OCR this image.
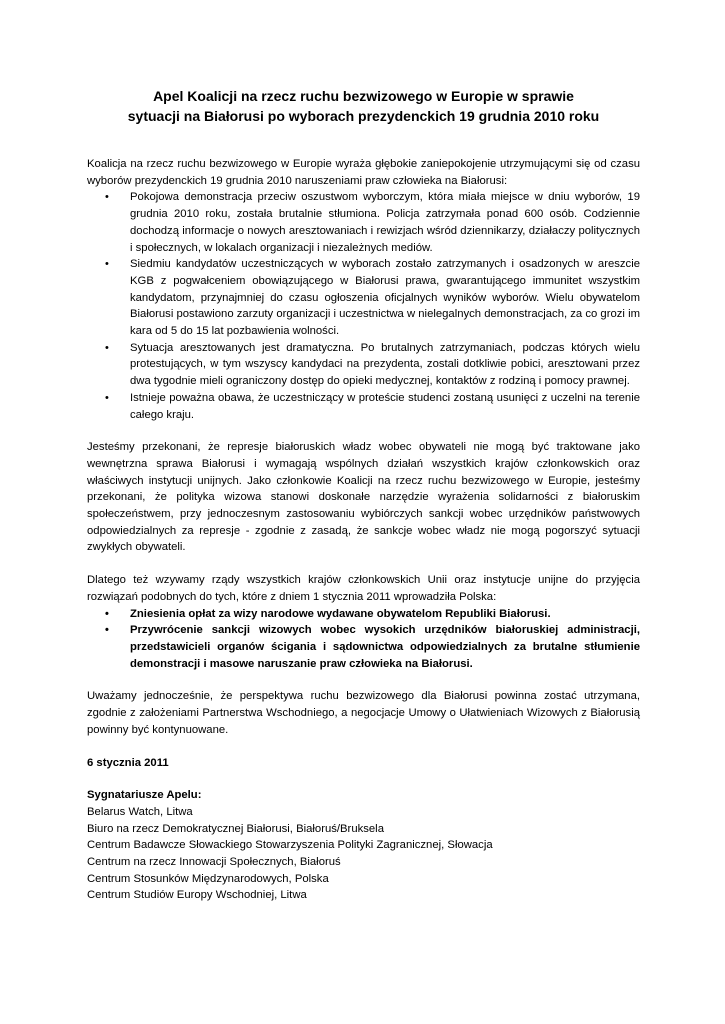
Apel Koalicji na rzecz ruchu bezwizowego w Europie w sprawie
sytuacji na Białorusi po wyborach prezydenckich 19 grudnia 2010 roku

Koalicja na rzecz ruchu bezwizowego w Europie wyraża głębokie zaniepokojenie utrzymującymi się od czasu wyborów prezydenckich 19 grudnia 2010 naruszeniami praw człowieka na Białorusi:

• Pokojowa demonstracja przeciw oszustwom wyborczym, która miała miejsce w dniu wyborów, 19 grudnia 2010 roku, została brutalnie stłumiona. Policja zatrzymała ponad 600 osób. Codziennie dochodzą informacje o nowych aresztowaniach i rewizjach wśród dziennikarzy, działaczy politycznych i społecznych, w lokalach organizacji i niezależnych mediów.
• Siedmiu kandydatów uczestniczących w wyborach zostało zatrzymanych i osadzonych w areszcie KGB z pogwałceniem obowiązującego w Białorusi prawa, gwarantującego immunitet wszystkim kandydatom, przynajmniej do czasu ogłoszenia oficjalnych wyników wyborów. Wielu obywatelom Białorusi postawiono zarzuty organizacji i uczestnictwa w nielegalnych demonstracjach, za co grozi im kara od 5 do 15 lat pozbawienia wolności.
• Sytuacja aresztowanych jest dramatyczna. Po brutalnych zatrzymaniach, podczas których wielu protestujących, w tym wszyscy kandydaci na prezydenta, zostali dotkliwie pobici, aresztowani przez dwa tygodnie mieli ograniczony dostęp do opieki medycznej, kontaktów z rodziną i pomocy prawnej.
• Istnieje poważna obawa, że uczestniczący w proteście studenci zostaną usunięci z uczelni na terenie całego kraju.

Jesteśmy przekonani, że represje białoruskich władz wobec obywateli nie mogą być traktowane jako wewnętrzna sprawa Białorusi i wymagają wspólnych działań wszystkich krajów członkowskich oraz właściwych instytucji unijnych. Jako członkowie Koalicji na rzecz ruchu bezwizowego w Europie, jesteśmy przekonani, że polityka wizowa stanowi doskonałe narzędzie wyrażenia solidarności z białoruskim społeczeństwem, przy jednoczesnym zastosowaniu wybiórczych sankcji wobec urzędników państwowych odpowiedzialnych za represje - zgodnie z zasadą, że sankcje wobec władz nie mogą pogorszyć sytuacji zwykłych obywateli.

Dlatego też wzywamy rządy wszystkich krajów członkowskich Unii oraz instytucje unijne do przyjęcia rozwiązań podobnych do tych, które z dniem 1 stycznia 2011 wprowadziła Polska:

• Zniesienia opłat za wizy narodowe wydawane obywatelom Republiki Białorusi.
• Przywrócenie sankcji wizowych wobec wysokich urzędników białoruskiej administracji, przedstawicieli organów ścigania i sądownictwa odpowiedzialnych za brutalne stłumienie demonstracji i masowe naruszanie praw człowieka na Białorusi.

Uważamy jednocześnie, że perspektywa ruchu bezwizowego dla Białorusi powinna zostać utrzymana, zgodnie z założeniami Partnerstwa Wschodniego, a negocjacje Umowy o Ułatwieniach Wizowych z Białorusią powinny być kontynuowane.

6 stycznia 2011

Sygnatariusze Apelu:
Belarus Watch, Litwa
Biuro na rzecz Demokratycznej Białorusi, Białoruś/Bruksela
Centrum Badawcze Słowackiego Stowarzyszenia Polityki Zagranicznej, Słowacja
Centrum na rzecz Innowacji Społecznych, Białoruś
Centrum Stosunków Międzynarodowych, Polska
Centrum Studiów Europy Wschodniej, Litwa
